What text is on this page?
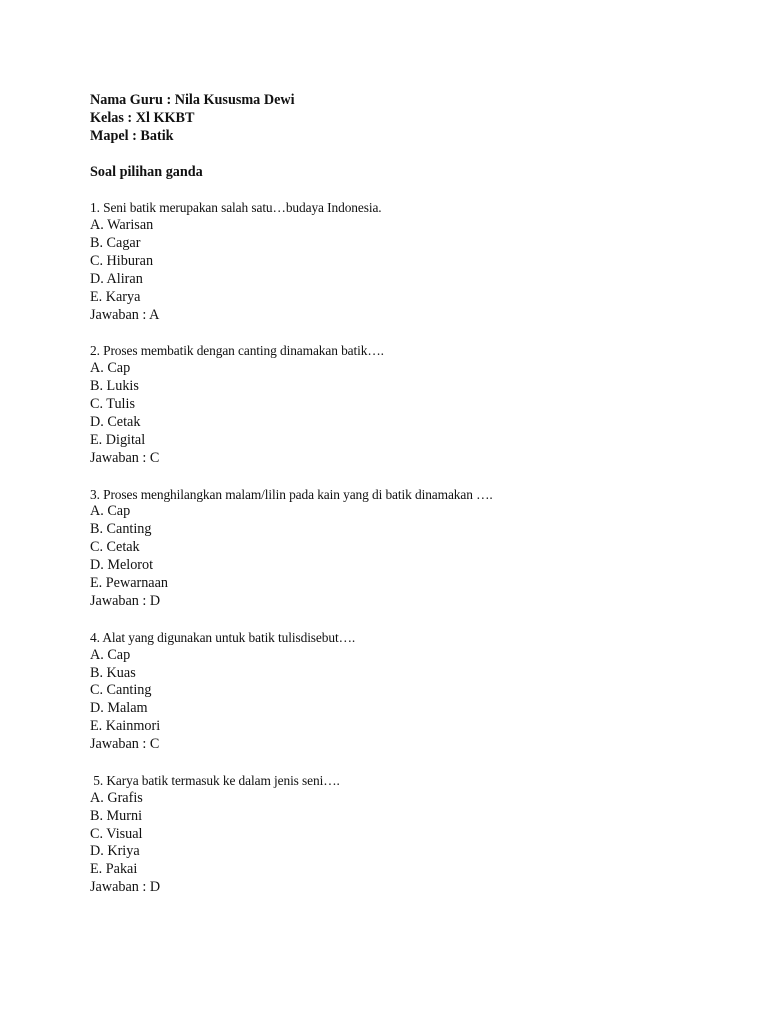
Nama Guru : Nila Kususma Dewi
Kelas : Xl KKBT
Mapel : Batik
Soal pilihan ganda
1. Seni batik merupakan salah satu…budaya Indonesia.
A. Warisan
B. Cagar
C. Hiburan
D. Aliran
E. Karya
Jawaban : A
2. Proses membatik dengan canting dinamakan batik….
A. Cap
B. Lukis
C. Tulis
D. Cetak
E. Digital
Jawaban : C
3. Proses menghilangkan malam/lilin pada kain yang di batik dinamakan ….
A. Cap
B. Canting
C. Cetak
D. Melorot
E. Pewarnaan
Jawaban : D
4. Alat yang digunakan untuk batik tulisdisebut….
A. Cap
B. Kuas
C. Canting
D. Malam
E. Kainmori
Jawaban : C
5. Karya batik termasuk ke dalam jenis seni….
A. Grafis
B. Murni
C. Visual
D. Kriya
E. Pakai
Jawaban : D
